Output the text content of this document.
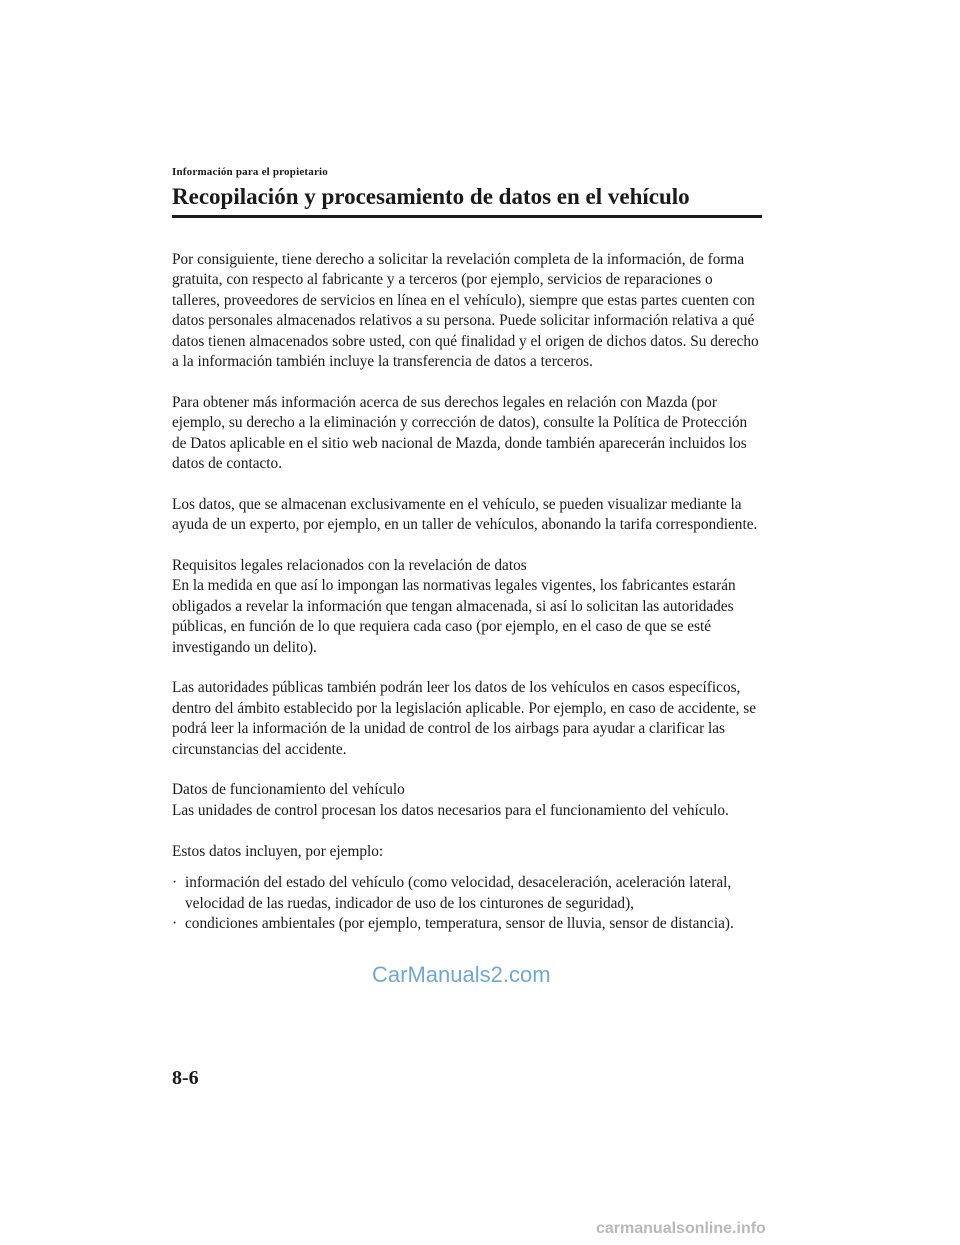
Información para el propietario
Recopilación y procesamiento de datos en el vehículo

Por consiguiente, tiene derecho a solicitar la revelación completa de la información, de forma gratuita, con respecto al fabricante y a terceros (por ejemplo, servicios de reparaciones o talleres, proveedores de servicios en línea en el vehículo), siempre que estas partes cuenten con datos personales almacenados relativos a su persona. Puede solicitar información relativa a qué datos tienen almacenados sobre usted, con qué finalidad y el origen de dichos datos. Su derecho a la información también incluye la transferencia de datos a terceros.

Para obtener más información acerca de sus derechos legales en relación con Mazda (por ejemplo, su derecho a la eliminación y corrección de datos), consulte la Política de Protección de Datos aplicable en el sitio web nacional de Mazda, donde también aparecerán incluidos los datos de contacto.

Los datos, que se almacenan exclusivamente en el vehículo, se pueden visualizar mediante la ayuda de un experto, por ejemplo, en un taller de vehículos, abonando la tarifa correspondiente.

Requisitos legales relacionados con la revelación de datos
En la medida en que así lo impongan las normativas legales vigentes, los fabricantes estarán obligados a revelar la información que tengan almacenada, si así lo solicitan las autoridades públicas, en función de lo que requiera cada caso (por ejemplo, en el caso de que se esté investigando un delito).

Las autoridades públicas también podrán leer los datos de los vehículos en casos específicos, dentro del ámbito establecido por la legislación aplicable. Por ejemplo, en caso de accidente, se podrá leer la información de la unidad de control de los airbags para ayudar a clarificar las circunstancias del accidente.

Datos de funcionamiento del vehículo
Las unidades de control procesan los datos necesarios para el funcionamiento del vehículo.

Estos datos incluyen, por ejemplo:

· información del estado del vehículo (como velocidad, desaceleración, aceleración lateral, velocidad de las ruedas, indicador de uso de los cinturones de seguridad),
· condiciones ambientales (por ejemplo, temperatura, sensor de lluvia, sensor de distancia).
CarManuals2.com
8-6
carmanualsonline.info
